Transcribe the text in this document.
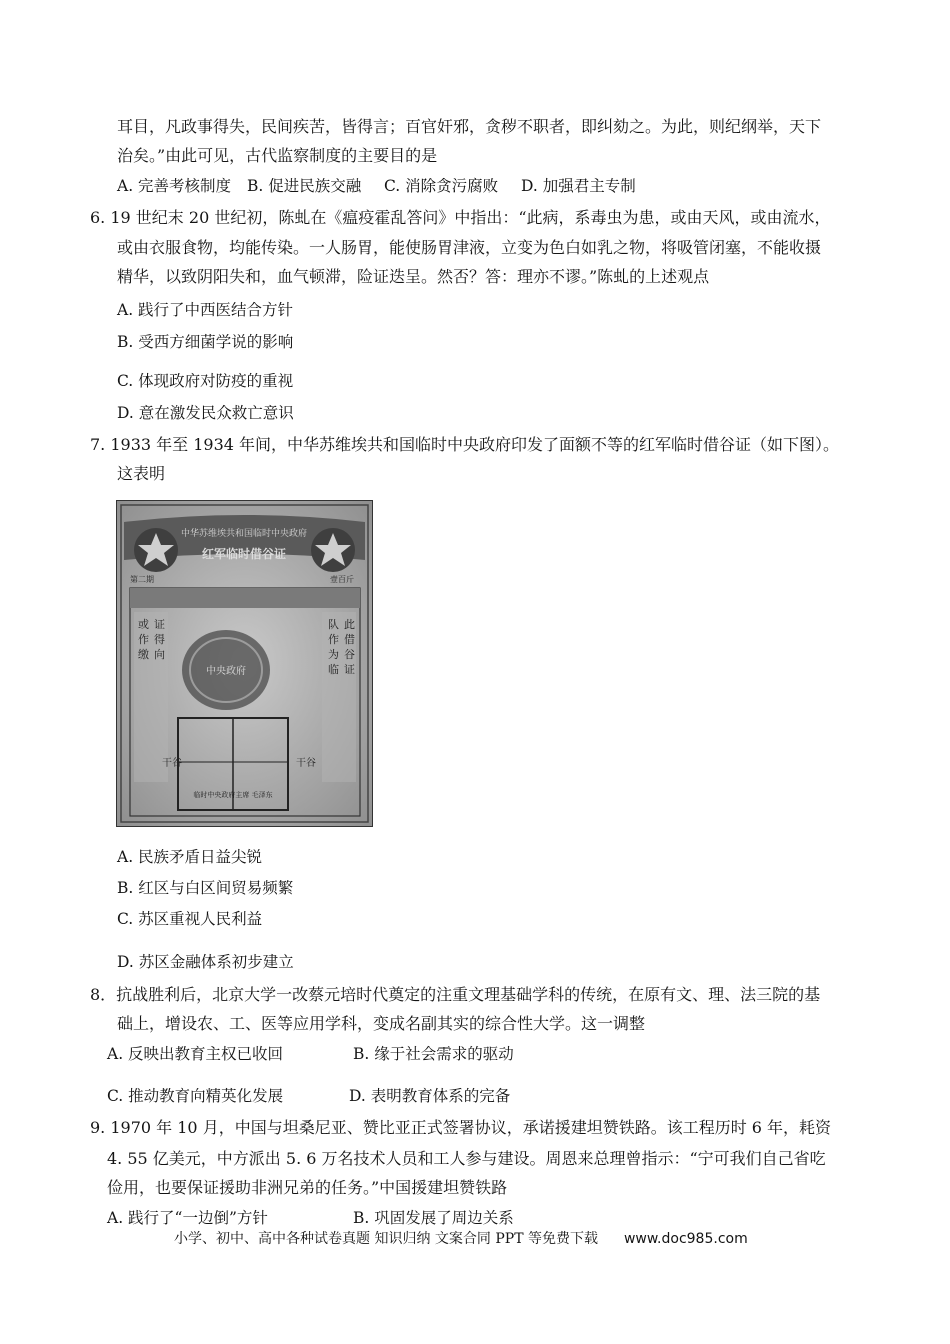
耳目，凡政事得失，民间疾苦，皆得言；百官奸邪，贪秽不职者，即纠劾之。为此，则纪纲举，天下
治矣。”由此可见，古代监察制度的主要目的是
A. 完善考核制度 B. 促进民族交融 C. 消除贪污腐败 D. 加强君主专制
6. 19 世纪末 20 世纪初，陈虬在《瘟疫霍乱答问》中指出：“此病，系毒虫为患，或由天风，或由流水，
或由衣服食物，均能传染。一人肠胃，能使肠胃津液，立变为色白如乳之物，将吸管闭塞，不能收摄
精华，以致阴阳失和，血气顿滞，险证迭呈。然否？答：理亦不谬。”陈虬的上述观点
A. 践行了中西医结合方针
B. 受西方细菌学说的影响
C. 体现政府对防疫的重视
D. 意在激发民众救亡意识
7. 1933 年至 1934 年间，中华苏维埃共和国临时中央政府印发了面额不等的红军临时借谷证（如下图）。
这表明
中华苏维埃共和国临时中央政府
红军临时借谷证
第二期	壹百斤
此
借
谷
证
队
作
为
临
证
得
向
或
作
缴
中央政府
临时中央政府主席 毛泽东
干谷	干谷
A. 民族矛盾日益尖锐
B. 红区与白区间贸易频繁
C. 苏区重视人民利益
D. 苏区金融体系初步建立
8．抗战胜利后，北京大学一改蔡元培时代奠定的注重文理基础学科的传统，在原有文、理、法三院的基
础上，增设农、工、医等应用学科，变成名副其实的综合性大学。这一调整
A. 反映出教育主权已收回	B. 缘于社会需求的驱动
C. 推动教育向精英化发展	D. 表明教育体系的完备
9. 1970 年 10 月，中国与坦桑尼亚、赞比亚正式签署协议，承诺援建坦赞铁路。该工程历时 6 年，耗资
4. 55 亿美元，中方派出 5. 6 万名技术人员和工人参与建设。周恩来总理曾指示：“宁可我们自己省吃
俭用，也要保证援助非洲兄弟的任务。”中国援建坦赞铁路
A. 践行了“一边倒”方针	B. 巩固发展了周边关系
小学、初中、高中各种试卷真题 知识归纳 文案合同 PPT 等免费下载 www.doc985.com
